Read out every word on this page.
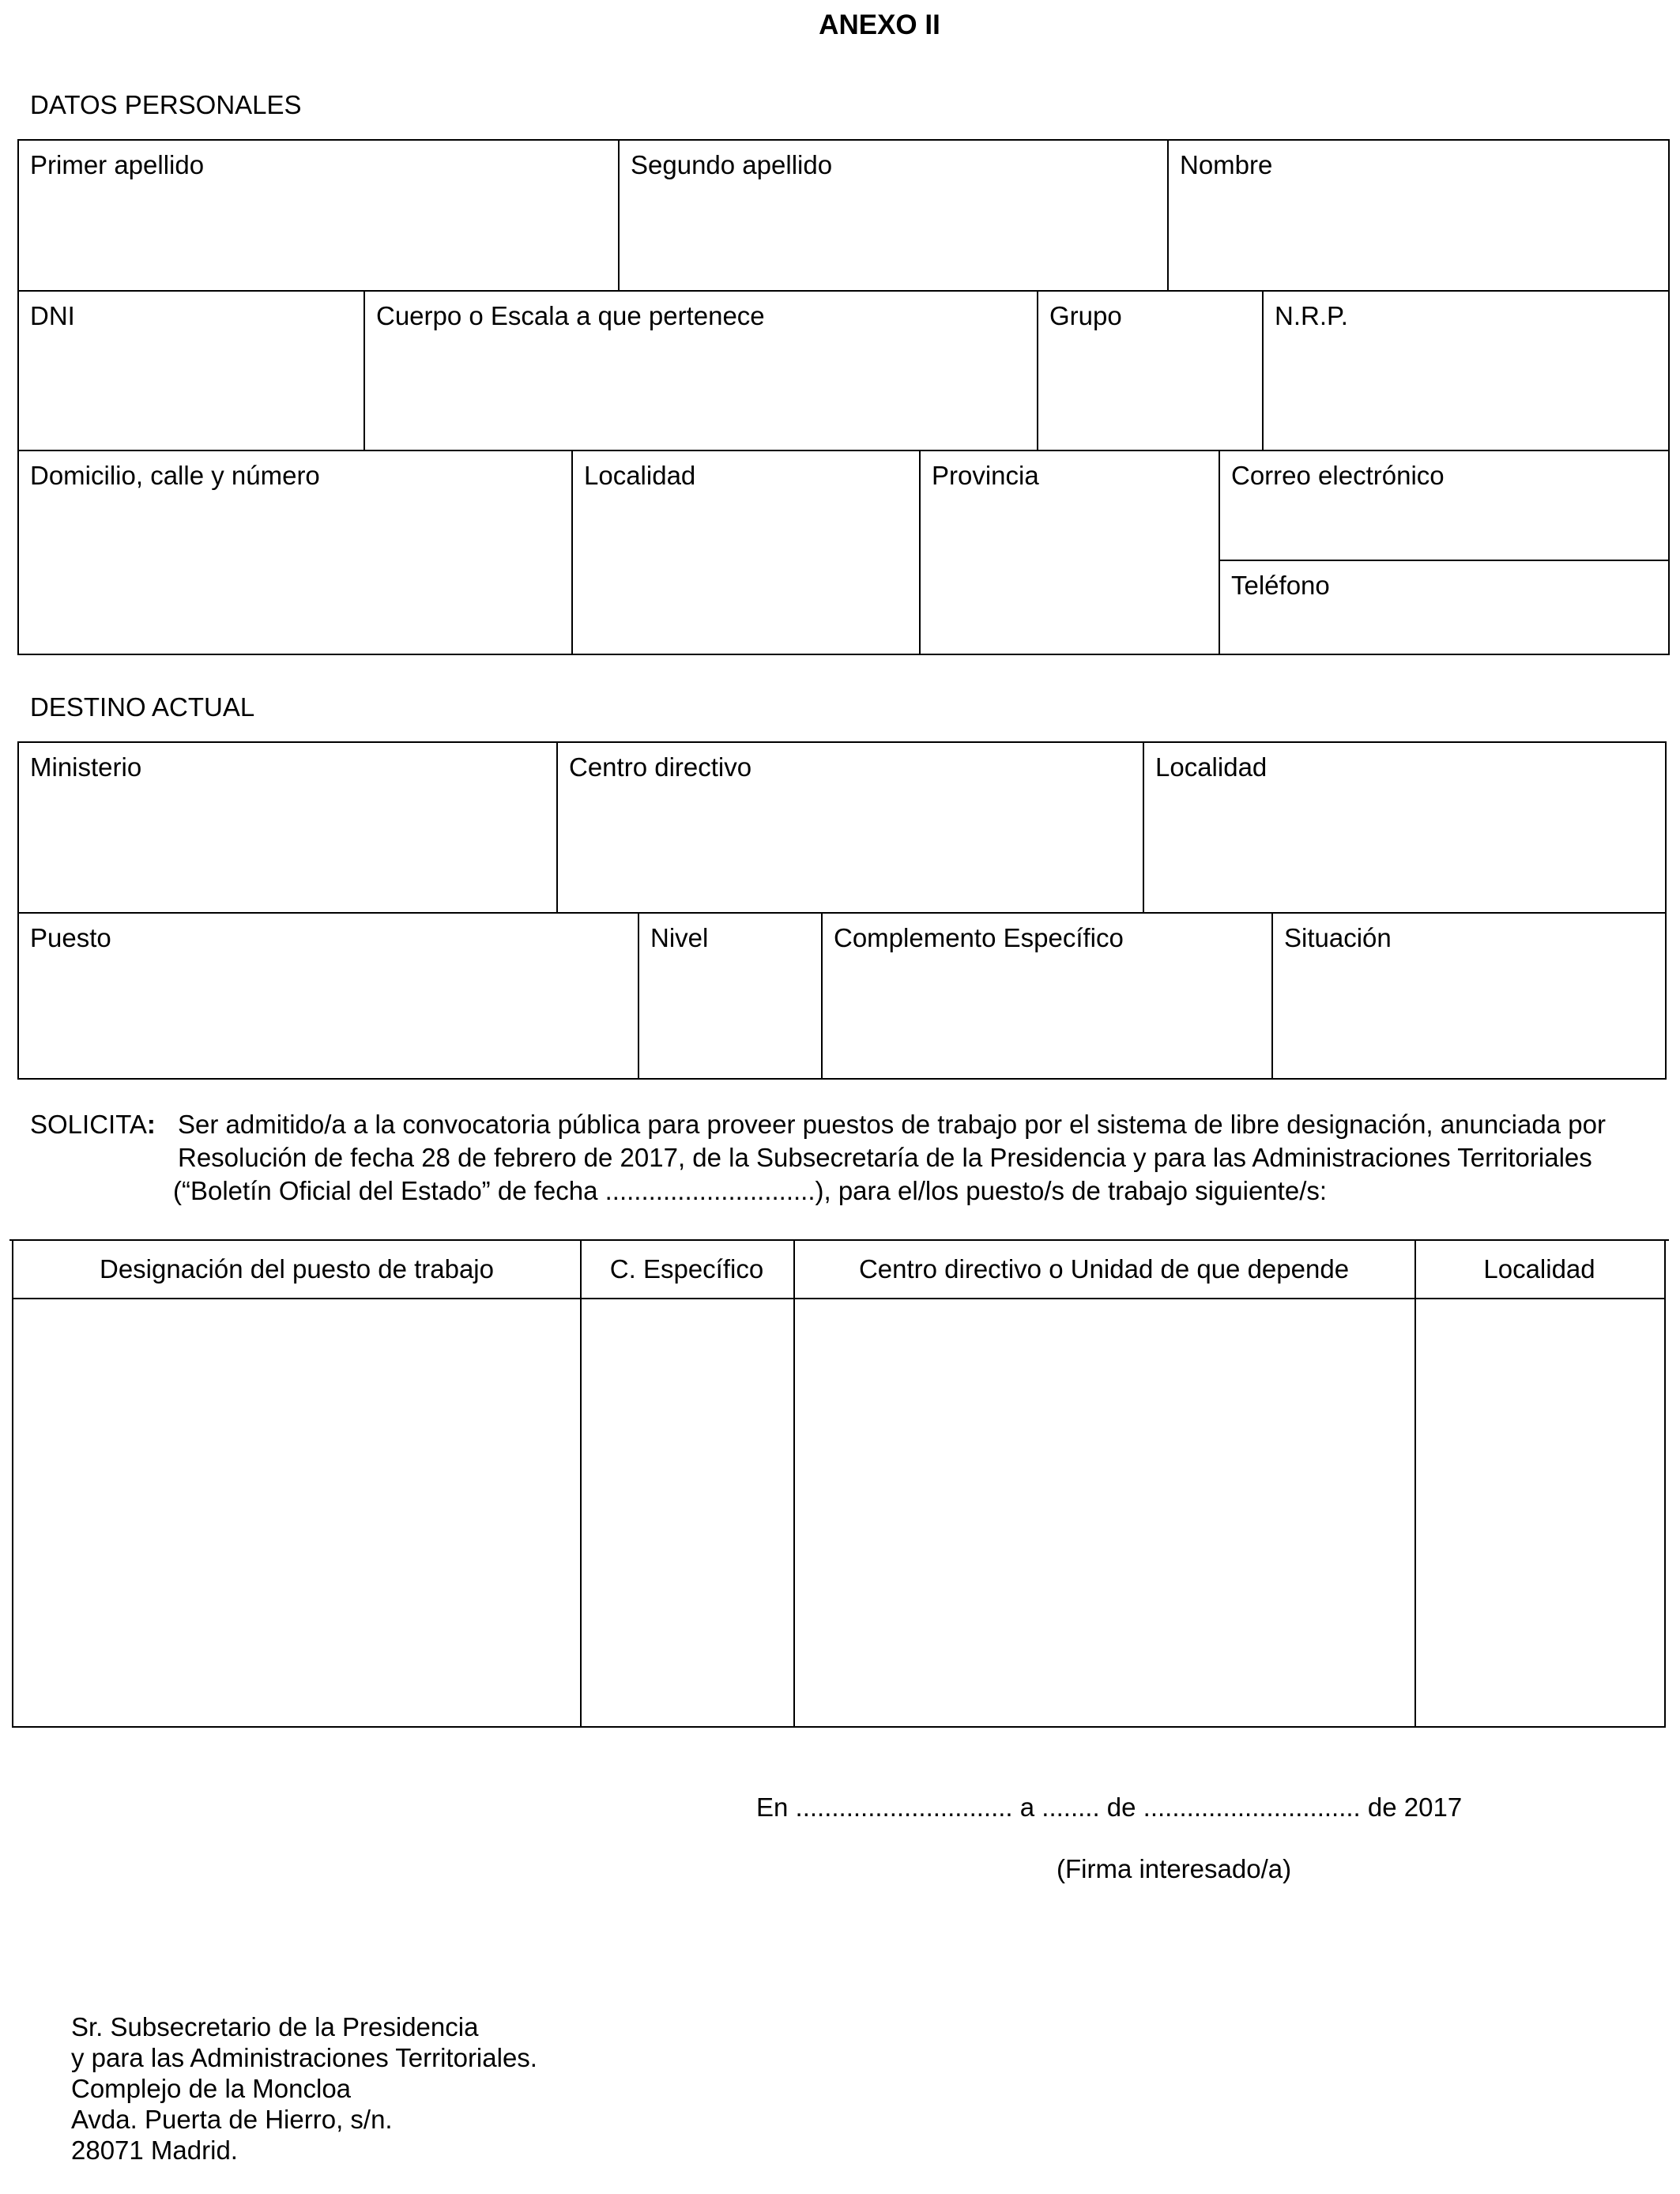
ANEXO II
DATOS PERSONALES
Primer apellido	Segundo apellido	Nombre
DNI	Cuerpo o Escala a que pertenece	Grupo	N.R.P.
Domicilio, calle y número	Localidad	Provincia	Correo electrónico
Teléfono
DESTINO ACTUAL
Ministerio	Centro directivo	Localidad
Puesto	Nivel	Complemento Específico	Situación
SOLICITA: Ser admitido/a a la convocatoria pública para proveer puestos de trabajo por el sistema de libre designación, anunciada por
Resolución de fecha 28 de febrero de 2017, de la Subsecretaría de la Presidencia y para las Administraciones Territoriales
(“Boletín Oficial del Estado” de fecha .............................), para el/los puesto/s de trabajo siguiente/s:
Designación del puesto de trabajo	C. Específico	Centro directivo o Unidad de que depende	Localidad
En .............................. a ........ de .............................. de 2017
(Firma interesado/a)
Sr. Subsecretario de la Presidencia
y para las Administraciones Territoriales.
Complejo de la Moncloa
Avda. Puerta de Hierro, s/n.
28071 Madrid.
